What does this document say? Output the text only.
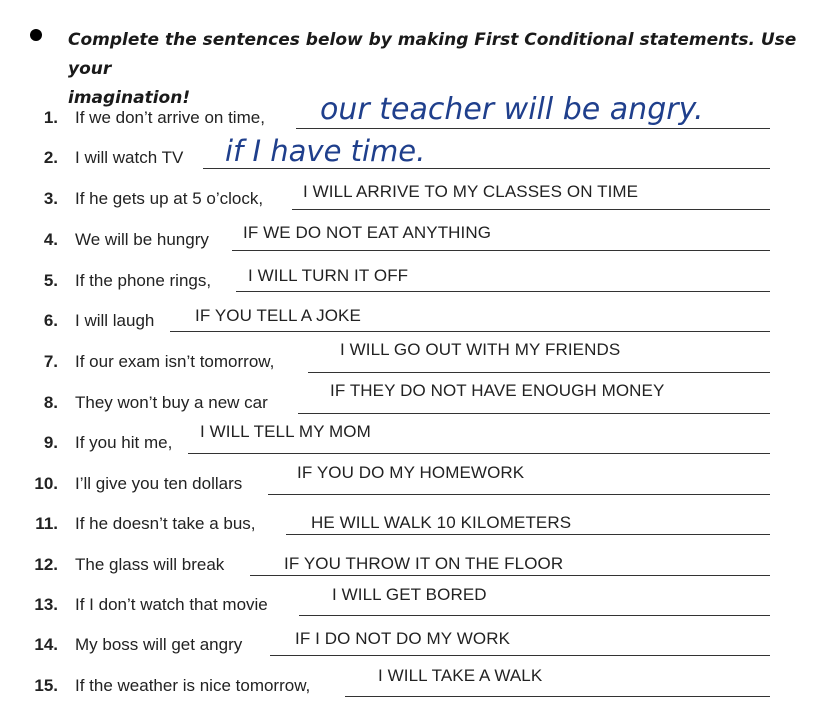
Complete the sentences below by making First Conditional statements. Use your
imagination!
1. If we don’t arrive on time, our teacher will be angry.
2. I will watch TV if I have time.
3. If he gets up at 5 o’clock, I WILL ARRIVE TO MY CLASSES ON TIME
4. We will be hungry IF WE DO NOT EAT ANYTHING
5. If the phone rings, I WILL TURN IT OFF
6. I will laugh IF YOU TELL A JOKE
7. If our exam isn’t tomorrow,
I WILL GO OUT WITH MY FRIENDS
8. They won’t buy a new car
IF THEY DO NOT HAVE ENOUGH MONEY
9. If you hit me,
I WILL TELL MY MOM
10. I’ll give you ten dollars
IF YOU DO MY HOMEWORK
11. If he doesn’t take a bus,	HE WILL WALK 10 KILOMETERS
12. The glass will break	IF YOU THROW IT ON THE FLOOR
13. If I don’t watch that movie
I WILL GET BORED
14. My boss will get angry	IF I DO NOT DO MY WORK
15. If the weather is nice tomorrow,
I WILL TAKE A WALK
